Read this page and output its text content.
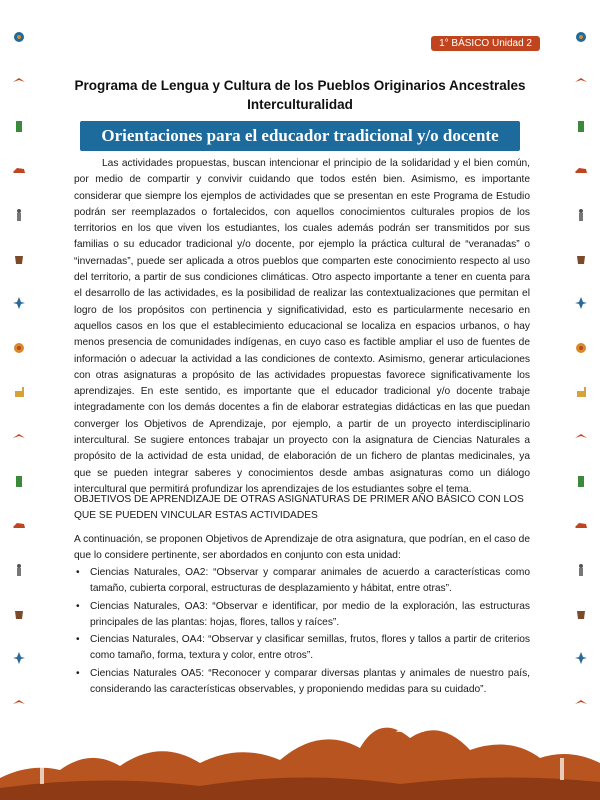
1° BÁSICO Unidad 2
Programa de Lengua y Cultura de los Pueblos Originarios Ancestrales
Interculturalidad
Orientaciones para el educador tradicional y/o docente

Las actividades propuestas, buscan intencionar el principio de la solidaridad y el bien común, por medio de compartir y convivir cuidando que todos estén bien. Asimismo, es importante considerar que siempre los ejemplos de actividades que se presentan en este Programa de Estudio podrán ser reemplazados o fortalecidos, con aquellos conocimientos culturales propios de los territorios en los que viven los estudiantes, los cuales además podrán ser transmitidos por sus familias o su educador tradicional y/o docente, por ejemplo la práctica cultural de “veranadas” o “invernadas”, puede ser aplicada a otros pueblos que comparten este conocimiento respecto al uso del territorio, a partir de sus condiciones climáticas. Otro aspecto importante a tener en cuenta para el desarrollo de las actividades, es la posibilidad de realizar las contextualizaciones que permitan el logro de los propósitos con pertinencia y significatividad, esto es particularmente necesario en aquellos casos en los que el establecimiento educacional se localiza en espacios urbanos, o hay menos presencia de comunidades indígenas, en cuyo caso es factible ampliar el uso de fuentes de información o adecuar la actividad a las condiciones de contexto. Asimismo, generar articulaciones con otras asignaturas a propósito de las actividades propuestas favorece significativamente los aprendizajes. En este sentido, es importante que el educador tradicional y/o docente trabaje integradamente con los demás docentes a fin de elaborar estrategias didácticas en las que puedan converger los Objetivos de Aprendizaje, por ejemplo, a partir de un proyecto interdisciplinario intercultural. Se sugiere entonces trabajar un proyecto con la asignatura de Ciencias Naturales a propósito de la actividad de esta unidad, de elaboración de un fichero de plantas medicinales, ya que se pueden integrar saberes y conocimientos desde ambas asignaturas como un diálogo intercultural que permitirá profundizar los aprendizajes de los estudiantes sobre el tema.

OBJETIVOS DE APRENDIZAJE DE OTRAS ASIGNATURAS DE PRIMER AÑO BÁSICO CON LOS QUE SE PUEDEN VINCULAR ESTAS ACTIVIDADES

A continuación, se proponen Objetivos de Aprendizaje de otra asignatura, que podrían, en el caso de que lo considere pertinente, ser abordados en conjunto con esta unidad:

• Ciencias Naturales, OA2: “Observar y comparar animales de acuerdo a características como tamaño, cubierta corporal, estructuras de desplazamiento y hábitat, entre otras”.
• Ciencias Naturales, OA3: “Observar e identificar, por medio de la exploración, las estructuras principales de las plantas: hojas, flores, tallos y raíces”.
• Ciencias Naturales, OA4: “Observar y clasificar semillas, frutos, flores y tallos a partir de criterios como tamaño, forma, textura y color, entre otros”.
• Ciencias Naturales OA5: “Reconocer y comparar diversas plantas y animales de nuestro país, considerando las características observables, y proponiendo medidas para su cuidado”.
